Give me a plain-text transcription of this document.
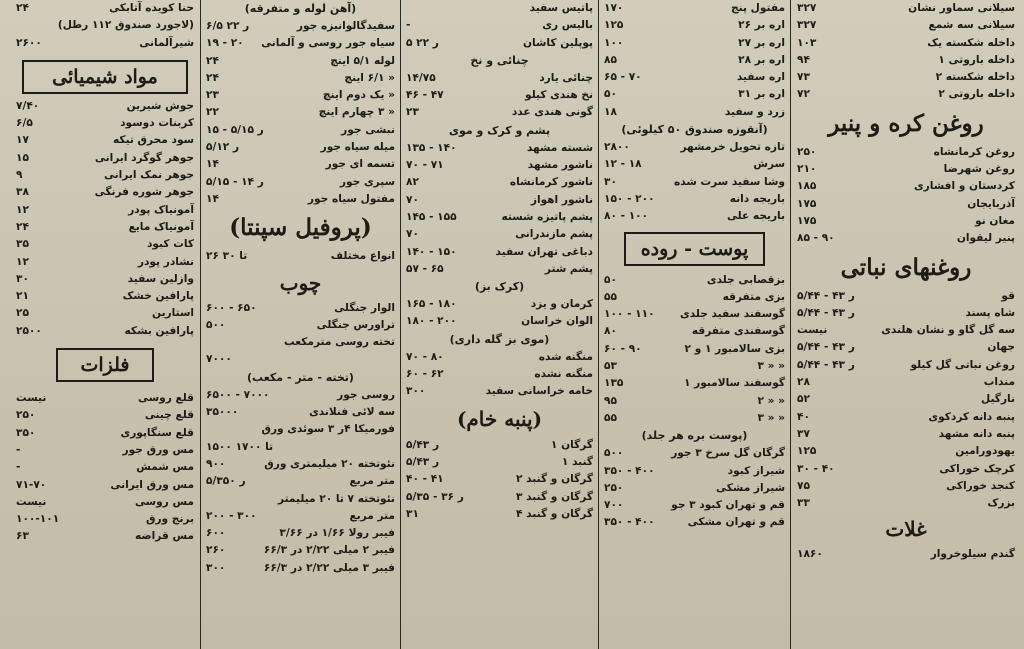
حنا کویده آتابکی
۲۴
(لاجورد صندوق ۱۱۲ رطل)
شیرآلمانی
۲۶۰۰
مواد شیمیائی
جوش شیرین
۷/۴۰
کربنات دوسود
۶/۵
سود محرق تیکه
۱۷
جوهر گوگرد ایرانی
۱۵
جوهر نمک ایرانی
۹
جوهر شوره فرنگی
۳۸
آمونیاک پودر
۱۲
آمونیاک مایع
۲۴
کات کبود
۳۵
نشادر پودر
۱۲
وازلین سفید
۳۰
پارافین خشک
۲۱
استارین
۲۵
پارافین بشکه
۲۵۰۰
فلزات
قلع روسی
نیست
قلع چینی
۲۵۰
قلع سنگاپوری
۳۵۰
مس ورق جور
-
مس شمش
-
مس ورق ایرانی
۷۱-۷۰
مس روسی
نیست
برنج ورق
۱۰۰-۱۰۱
مس قراضه
۶۳
(آهن لوله و متفرقه)
سفیدگالوانیزه جور
۶/۵ ر ۲۲
سیاه جور روسی و آلمانی
۱۹ - ۲۰
لوله ۵/۱ اینچ
۲۴
« ۶/۱ اینچ
۲۴
« یک دوم اینچ
۲۳
« ۳ چهارم اینچ
۲۲
نبشی جور
۱۵ - ۵/ر ۱۵
میله سیاه جور
۵/ر ۱۲
تسمه ای جور
۱۴
سپری جور
۵/ر ۱۴ - ۱۵
مفتول سیاه جور
۱۴
(پروفیل سپنتا)
انواع مختلف
۲۶ تا ۳۰
چوب
الوار جنگلی
۶۰۰ - ۶۵۰
تراورس جنگلی
۵۰۰
تخته روسی مترمکعب
۷۰۰۰
(تخته - متر - مکعب)
روسی جور
۶۵۰۰ - ۷۰۰۰
سه لائی فنلاندی
۳۵۰۰۰
فورمیکا ۴ر ۳ سوئدی ورق
۱۵۰۰ تا ۱۷۰۰
نئوتخته ۲۰ میلیمتری ورق
۹۰۰
متر مربع
۵/ر ۳۵۰
نئوتخته ۷ تا ۲۰ میلیمتر
متر مربع
۲۰۰ - ۳۰۰
فیبر رولا ۱/۶۶ در ۳/۶۶
۶۰۰
فیبر ۲ میلی ۲/۲۲ در ۶۶/۳
۲۶۰
فیبر ۳ میلی ۲/۲۲ در ۶۶/۳
۳۰۰
پاتیس سفید
بالیس ری
-
پوپلین کاشان
۵ ر ۲۲
چنائی و نخ
چنائی یارد
۱۴/۷۵
نخ هندی کیلو
۴۶ - ۴۷
گونی هندی عدد
۲۳
پشم و کرک و موی
شسته مشهد
۱۳۵ - ۱۴۰
ناشور مشهد
۷۰ - ۷۱
ناشور کرمانشاه
۸۲
ناشور اهواز
۷۰
پشم پاتیزه شسته
۱۴۵ - ۱۵۵
پشم مازندرانی
۷۰
دباغی تهران سفید
۱۴۰ - ۱۵۰
پشم شتر
۵۷ - ۶۵
(کرک بز)
کرمان و یزد
۱۶۵ - ۱۸۰
الوان خراسان
۱۸۰ - ۲۰۰
(موی بز گله داری)
منگنه شده
۷۰ - ۸۰
منگنه نشده
۶۰ - ۶۲
خامه خراسانی سفید
۳۰۰
(پنبه خام)
گرگان ۱
۵/ر ۴۳
گنبد ۱
۵/ر ۴۳
گرگان و گنبد ۲
۴۰ - ۴۱
گرگان و گنبد ۳
۵/ر ۳۶ - ۳۵
گرگان و گنبد ۴
۳۱
مفتول پنج
۱۷۰
اره بر ۲۶
۱۲۵
اره بر ۲۷
۱۰۰
اره بر ۲۸
۸۵
اره سفید
۶۵ - ۷۰
اره بر ۳۱
۵۰
زرد و سفید
۱۸
(آنقوزه صندوق ۵۰ کیلوئی)
تازه تحویل خرمشهر
۲۸۰۰
سرش
۱۲ - ۱۸
وشا سفید سرت شده
۳۰
باریجه دانه
۱۵۰ - ۲۰۰
باریجه علی
۸۰ - ۱۰۰
پوست - روده
بزقصابی جلدی
۵۰
بزی متفرقه
۵۵
گوسفند سفید جلدی
۱۰۰ - ۱۱۰
گوسفندی متفرقه
۸۰
بزی سالامبور ۱ و ۲
۶۰ - ۹۰
« « ۳
۵۳
گوسفند سالامبور ۱
۱۳۵
« « ۲
۹۵
« « ۳
۵۵
(پوست بره هر جلد)
گرگان گل سرخ ۳ جور
۵۰۰
شیراز کبود
۳۵۰ - ۴۰۰
شیراز مشکی
۲۵۰
قم و تهران کبود ۳ جو
۷۰۰
قم و تهران مشکی
۳۵۰ - ۴۰۰
سیلانی سماور نشان
۳۲۷
سیلانی سه شمع
۳۲۷
داخله شکسته یک
۱۰۳
داخله باروتی ۱
۹۴
داخله شکسته ۲
۷۳
داخله باروتی ۲
۷۲
روغن کره و پنیر
روغن کرمانشاه
۲۵۰
روغن شهرضا
۲۱۰
کردستان و افشاری
۱۸۵
آذربایجان
۱۷۵
مغان نو
۱۷۵
پنیر لیقوان
۸۵ - ۹۰
روغنهای نباتی
قو
۵/ر ۴۳ - ۴۴
شاه پسند
۵/ر ۴۳ - ۴۴
سه گل گاو و نشان هلندی
نیست
جهان
۵/ر ۴۳ - ۴۴
روغن نباتی گل کیلو
۵/ر ۴۳ - ۴۴
منداب
۲۸
نارگیل
۵۲
پنبه دانه کردکوی
۴۰
پنبه دانه مشهد
۳۷
یهودورامین
۱۲۵
کرچک خوراکی
۳۰ - ۴۰
کنجد خوراکی
۷۵
بزرک
۳۳
غلات
گندم سیلوخروار
۱۸۶۰
